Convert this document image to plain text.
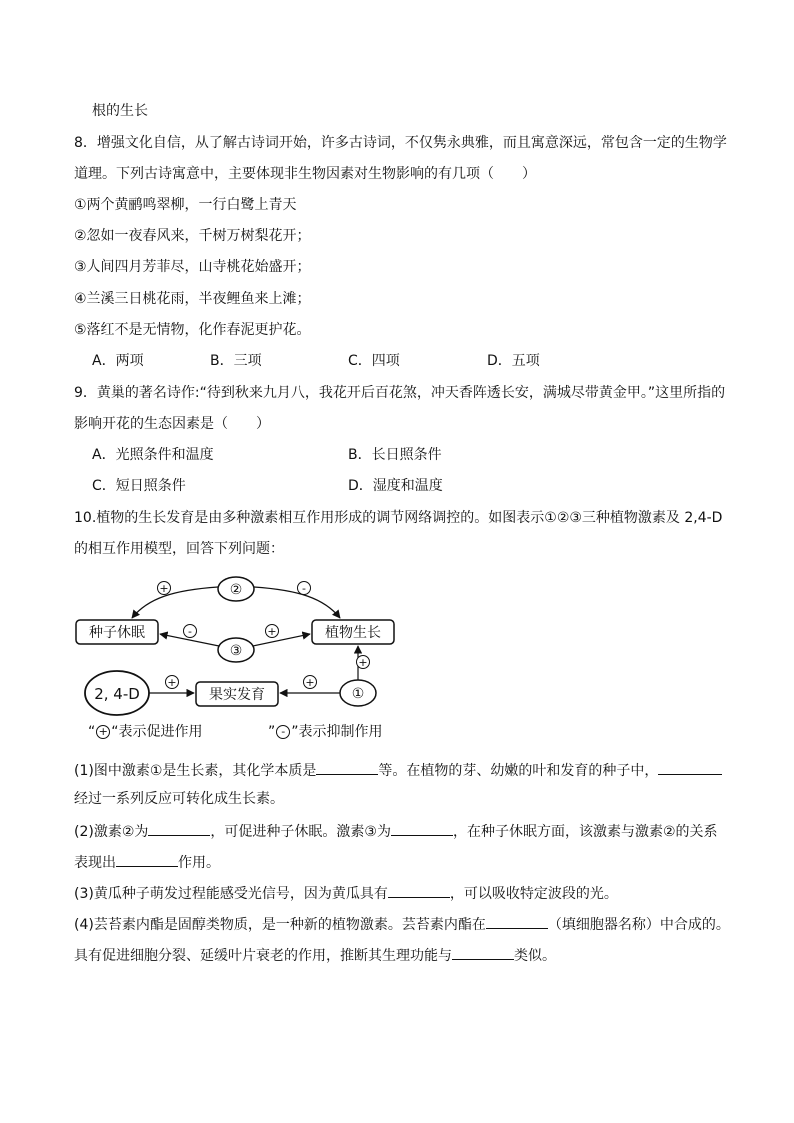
根的生长
8．增强文化自信，从了解古诗词开始，许多古诗词，不仅隽永典雅，而且寓意深远，常包含一定的生物学
道理。下列古诗寓意中，主要体现非生物因素对生物影响的有几项（　　）
①两个黄鹂鸣翠柳，一行白鹭上青天
②忽如一夜春风来，千树万树梨花开；
③人间四月芳菲尽，山寺桃花始盛开；
④兰溪三日桃花雨，半夜鲤鱼来上滩；
⑤落红不是无情物，化作春泥更护花。
A．两项	B．三项	C．四项	D．五项
9．黄巢的著名诗作:“待到秋来九月八，我花开后百花煞，冲天香阵透长安，满城尽带黄金甲。”这里所指的
影响开花的生态因素是（　　）
A．光照条件和温度	B．长日照条件
C．短日照条件	D．湿度和温度
10.植物的生长发育是由多种激素相互作用形成的调节网络调控的。如图表示①②③三种植物激素及 2,4-D
的相互作用模型，回答下列问题：
种子休眠	植物生长
果实发育
②
③
①
2, 4-D
+	-
-	+
+
+
+
“ + “表示促进作用	” - ”表示抑制作用
(1)图中激素①是生长素，其化学本质是	等。在植物的芽、幼嫩的叶和发育的种子中，
经过一系列反应可转化成生长素。
(2)激素②为	，可促进种子休眠。激素③为	，在种子休眠方面，该激素与激素②的关系
表现出	作用。
(3)黄瓜种子萌发过程能感受光信号，因为黄瓜具有	，可以吸收特定波段的光。
(4)芸苔素内酯是固醇类物质，是一种新的植物激素。芸苔素内酯在	（填细胞器名称）中合成的。
具有促进细胞分裂、延缓叶片衰老的作用，推断其生理功能与	类似。
